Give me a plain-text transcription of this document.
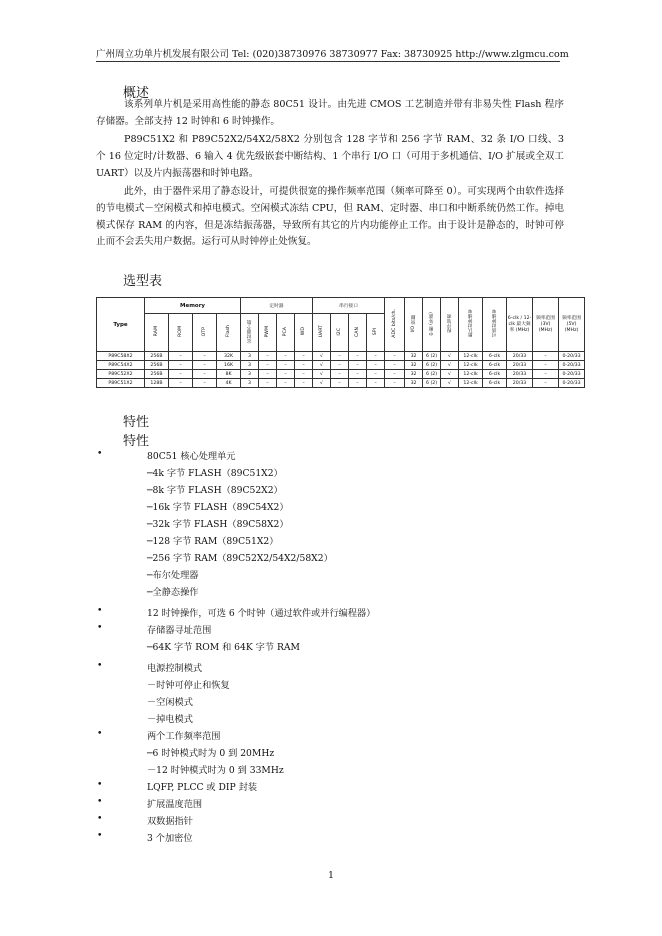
广州周立功单片机发展有限公司 Tel: (020)38730976 38730977 Fax: 38730925 http://www.zlgmcu.com
概述
该系列单片机是采用高性能的静态 80C51 设计。由先进 CMOS 工艺制造并带有非易失性 Flash 程序存储器。全部支持 12 时钟和 6 时钟操作。
P89C51X2 和 P89C52X2/54X2/58X2 分别包含 128 字节和 256 字节 RAM、32 条 I/O 口线、3 个 16 位定时/计数器、6 输入 4 优先级嵌套中断结构、1 个串行 I/O 口（可用于多机通信、I/O 扩展或全双工 UART）以及片内振荡器和时钟电路。
此外，由于器件采用了静态设计，可提供很宽的操作频率范围（频率可降至 0）。可实现两个由软件选择的节电模式－空闲模式和掉电模式。空闲模式冻结 CPU，但 RAM、定时器、串口和中断系统仍然工作。掉电模式保存 RAM 的内容，但是冻结振荡器，导致所有其它的片内功能停止工作。由于设计是静态的，时钟可停止而不会丢失用户数据。运行可从时钟停止处恢复。
选型表
Type	Memory				定时器				串行接口				ADC bits/ch.	I/O 管脚	中断 (外部)	程序加密	默认时钟速率	可选时钟速率	6-clk / 12-clk 最大频率 (MHz)	频率范围 (3V) (MHz)	频率范围 (5V) (MHz)

	RAM	ROM	OTP	Flash	定时器个数	PWM	PCA	WD	UART	I2C	CAN	SPI									
P89C58X2	256B	–	–	32K	3	–	–	–	√	–	–	–	–	32	6 (2)	√	12-clk	6-clk	20/33	–	0-20/33
P89C54X2	256B	–	–	16K	3	–	–	–	√	–	–	–	–	32	6 (2)	√	12-clk	6-clk	20/33	–	0-20/33
P89C52X2	256B	–	–	8K	3	–	–	–	√	–	–	–	–	32	6 (2)	√	12-clk	6-clk	20/33	–	0-20/33
P89C51X2	128B	–	–	4K	3	–	–	–	√	–	–	–	–	32	6 (2)	√	12-clk	6-clk	20/33	–	0-20/33
特性
特性
•	80C51 核心处理单元
─4k 字节 FLASH（89C51X2）
─8k 字节 FLASH（89C52X2）
─16k 字节 FLASH（89C54X2）
─32k 字节 FLASH（89C58X2）
─128 字节 RAM（89C51X2）
─256 字节 RAM（89C52X2/54X2/58X2）
─布尔处理器
─全静态操作
•	12 时钟操作，可选 6 个时钟（通过软件或并行编程器）
•	存储器寻址范围
─64K 字节 ROM 和 64K 字节 RAM
•	电源控制模式
－时钟可停止和恢复
－空闲模式
－掉电模式
•	两个工作频率范围
─6 时钟模式时为 0 到 20MHz
－12 时钟模式时为 0 到 33MHz
•	LQFP, PLCC 或 DIP 封装
•	扩展温度范围
•	双数据指针
•	3 个加密位
1
